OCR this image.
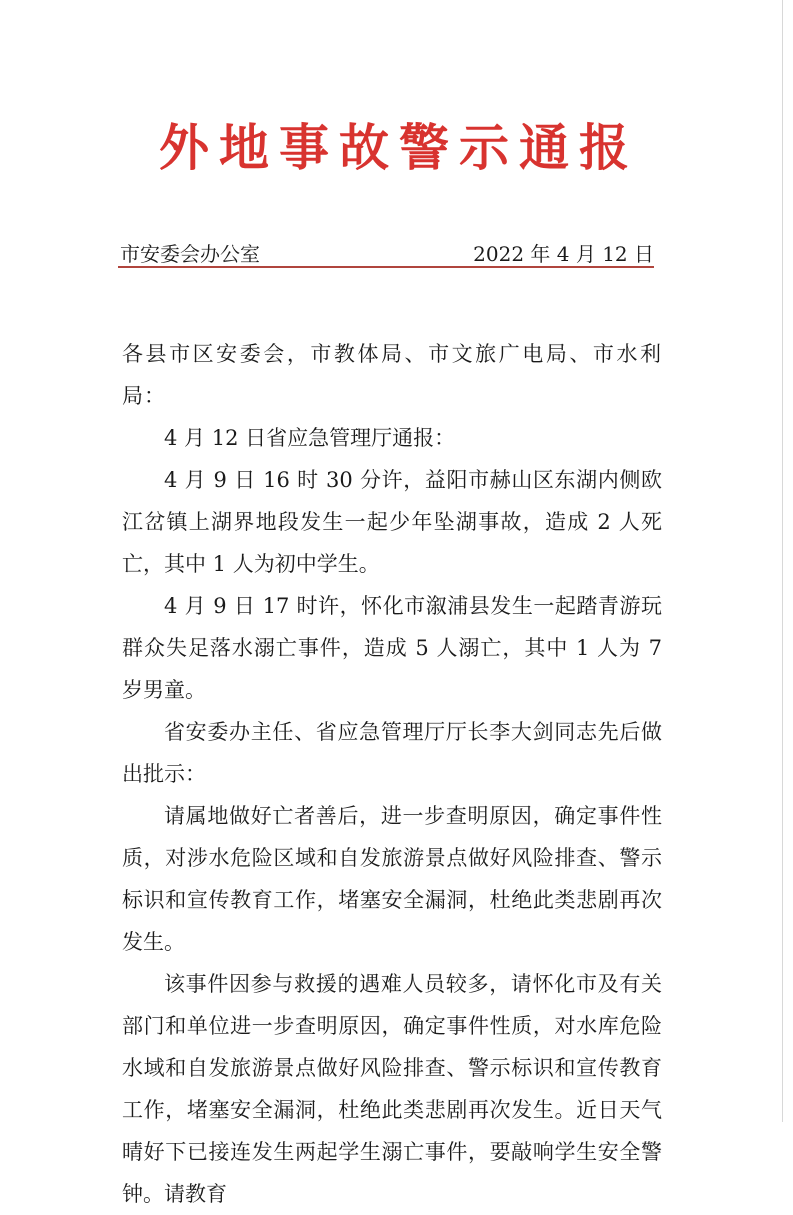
外地事故警示通报
市安委会办公室	2022 年 4 月 12 日

各县市区安委会，市教体局、市文旅广电局、市水利局：

4 月 12 日省应急管理厅通报：

4 月 9 日 16 时 30 分许，益阳市赫山区东湖内侧欧江岔镇上湖界地段发生一起少年坠湖事故，造成 2 人死亡，其中 1 人为初中学生。

4 月 9 日 17 时许，怀化市溆浦县发生一起踏青游玩群众失足落水溺亡事件，造成 5 人溺亡，其中 1 人为 7 岁男童。

省安委办主任、省应急管理厅厅长李大剑同志先后做出批示：

请属地做好亡者善后，进一步查明原因，确定事件性质，对涉水危险区域和自发旅游景点做好风险排查、警示标识和宣传教育工作，堵塞安全漏洞，杜绝此类悲剧再次发生。

该事件因参与救援的遇难人员较多，请怀化市及有关部门和单位进一步查明原因，确定事件性质，对水库危险水域和自发旅游景点做好风险排查、警示标识和宣传教育工作，堵塞安全漏洞，杜绝此类悲剧再次发生。近日天气晴好下已接连发生两起学生溺亡事件，要敲响学生安全警钟。请教育
